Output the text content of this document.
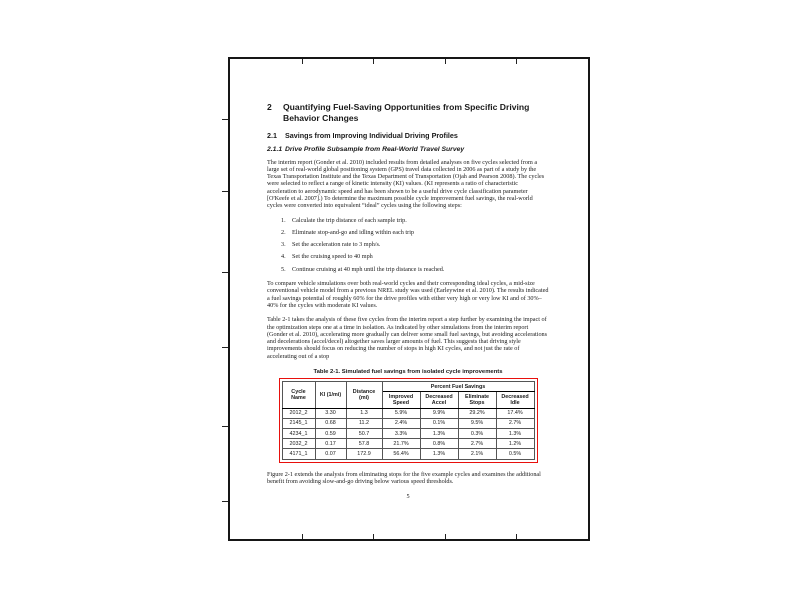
2	Quantifying Fuel-Saving Opportunities from Specific Driving Behavior Changes
2.1	Savings from Improving Individual Driving Profiles
2.1.1 Drive Profile Subsample from Real-World Travel Survey

The interim report (Gonder et al. 2010) included results from detailed analyses on five cycles selected from a large set of real-world global positioning system (GPS) travel data collected in 2006 as part of a study by the Texas Transportation Institute and the Texas Department of Transportation (Ojah and Pearson 2008). The cycles were selected to reflect a range of kinetic intensity (KI) values. (KI represents a ratio of characteristic acceleration to aerodynamic speed and has been shown to be a useful drive cycle classification parameter [O'Keefe et al. 2007].) To determine the maximum possible cycle improvement fuel savings, the real-world cycles were converted into equivalent “ideal” cycles using the following steps:

1.	Calculate the trip distance of each sample trip.
2.	Eliminate stop-and-go and idling within each trip
3.	Set the acceleration rate to 3 mph/s.
4.	Set the cruising speed to 40 mph
5.	Continue cruising at 40 mph until the trip distance is reached.

To compare vehicle simulations over both real-world cycles and their corresponding ideal cycles, a mid-size conventional vehicle model from a previous NREL study was used (Earleywine et al. 2010). The results indicated a fuel savings potential of roughly 60% for the drive profiles with either very high or very low KI and of 30%–40% for the cycles with moderate KI values.

Table 2-1 takes the analysis of these five cycles from the interim report a step further by examining the impact of the optimization steps one at a time in isolation. As indicated by other simulations from the interim report (Gonder et al. 2010), accelerating more gradually can deliver some small fuel savings, but avoiding accelerations and decelerations (accel/decel) altogether saves larger amounts of fuel. This suggests that driving style improvements should focus on reducing the number of stops in high KI cycles, and not just the rate of accelerating out of a stop

Table 2-1. Simulated fuel savings from isolated cycle improvements
Cycle Name	KI (1/mi)	Distance (mi)	Percent Fuel Savings			
			Improved Speed	Decreased Accel	Eliminate Stops	Decreased Idle
2012_2	3.30	1.3	5.9%	9.9%	29.2%	17.4%
2145_1	0.68	11.2	2.4%	0.1%	9.5%	2.7%
4234_1	0.59	50.7	3.3%	1.3%	0.3%	1.3%
2032_2	0.17	57.8	21.7%	0.8%	2.7%	1.2%
4171_1	0.07	172.9	56.4%	1.3%	2.1%	0.5%

Figure 2-1 extends the analysis from eliminating stops for the five example cycles and examines the additional benefit from avoiding slow-and-go driving below various speed thresholds.

5
